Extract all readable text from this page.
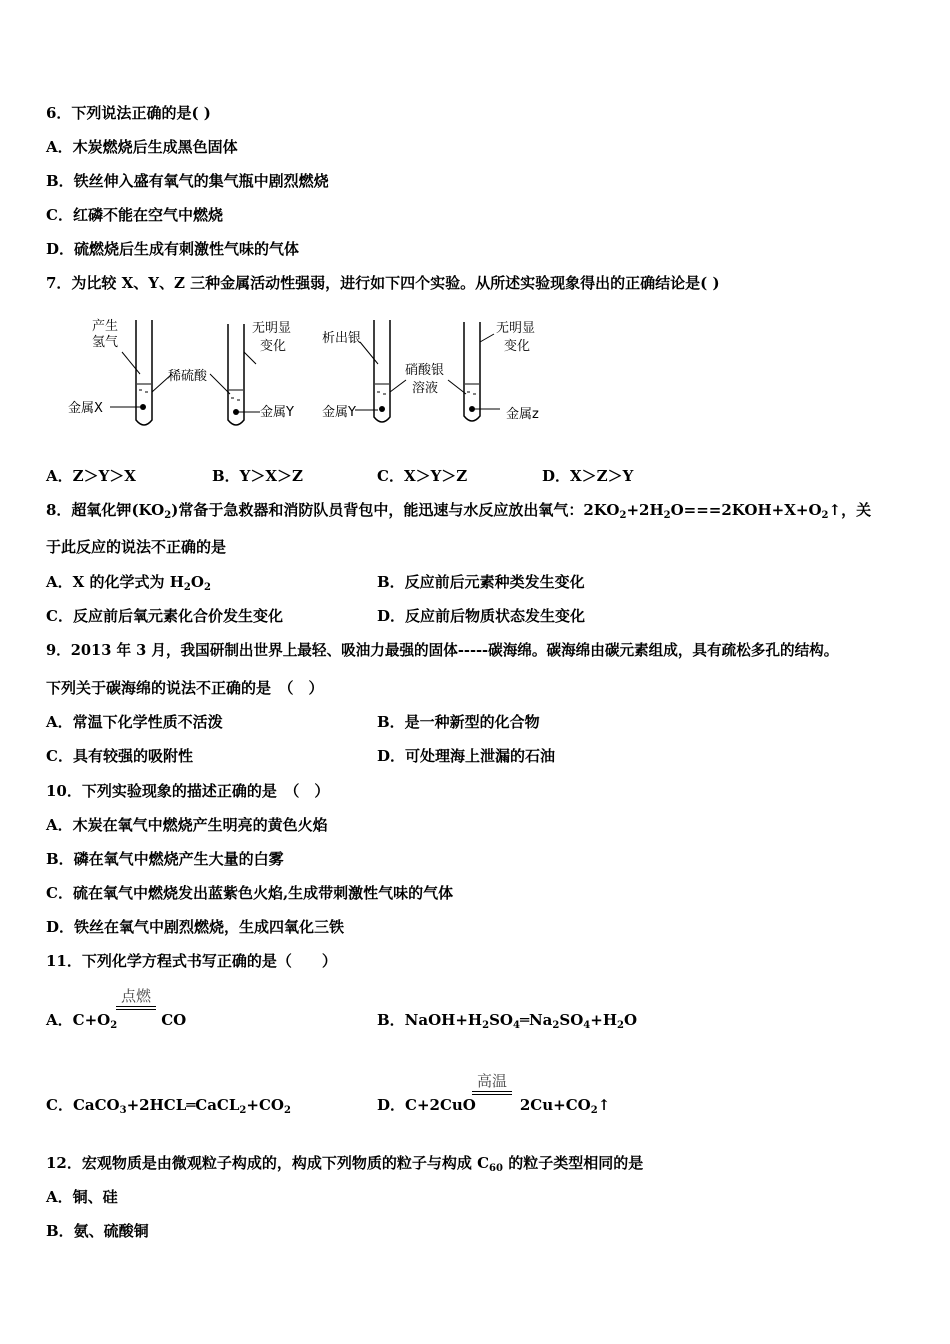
6．下列说法正确的是( )
A．木炭燃烧后生成黑色固体
B．铁丝伸入盛有氧气的集气瓶中剧烈燃烧
C．红磷不能在空气中燃烧
D．硫燃烧后生成有刺激性气味的气体
7．为比较 X、Y、Z 三种金属活动性强弱，进行如下四个实验。从所述实验现象得出的正确结论是( )
产生
氢气
稀硫酸
金属X
无明显
变化
金属Y
析出银
硝酸银
溶液
金属Y
无明显
变化
金属z
A．Z＞Y＞X	B．Y＞X＞Z	C．X＞Y＞Z	D．X＞Z＞Y
8．超氧化钾$(KO_2)$常备于急救器和消防队员背包中，能迅速与水反应放出氧气：$2KO_2+2H_2O===2KOH+X+O_2↑$，关
于此反应的说法不正确的是
A．X 的化学式为 $H_2O_2$	B．反应前后元素种类发生变化
C．反应前后氧元素化合价发生变化	D．反应前后物质状态发生变化
9．2013 年 3 月，我国研制出世界上最轻、吸油力最强的固体-----碳海绵。碳海绵由碳元素组成，具有疏松多孔的结构。
下列关于碳海绵的说法不正确的是　（　）
A．常温下化学性质不活泼	B．是一种新型的化合物
C．具有较强的吸附性	D．可处理海上泄漏的石油
10．下列实验现象的描述正确的是　（　）
A．木炭在氧气中燃烧产生明亮的黄色火焰
B．磷在氧气中燃烧产生大量的白雾
C．硫在氧气中燃烧发出蓝紫色火焰,生成带刺激性气味的气体
D．铁丝在氧气中剧烈燃烧，生成四氧化三铁
11．下列化学方程式书写正确的是（　　）
A．$C+O_2$	CO
点燃
B．$NaOH+H_2SO_4═Na_2SO_4+H_2O$
C．$CaCO_3+2HCL═CaCL_2+CO_2$	D．C+2CuO	$2Cu+CO_2↑$
高温
12．宏观物质是由微观粒子构成的，构成下列物质的粒子与构成 $C_{60}$ 的粒子类型相同的是
A．铜、硅
B．氨、硫酸铜
